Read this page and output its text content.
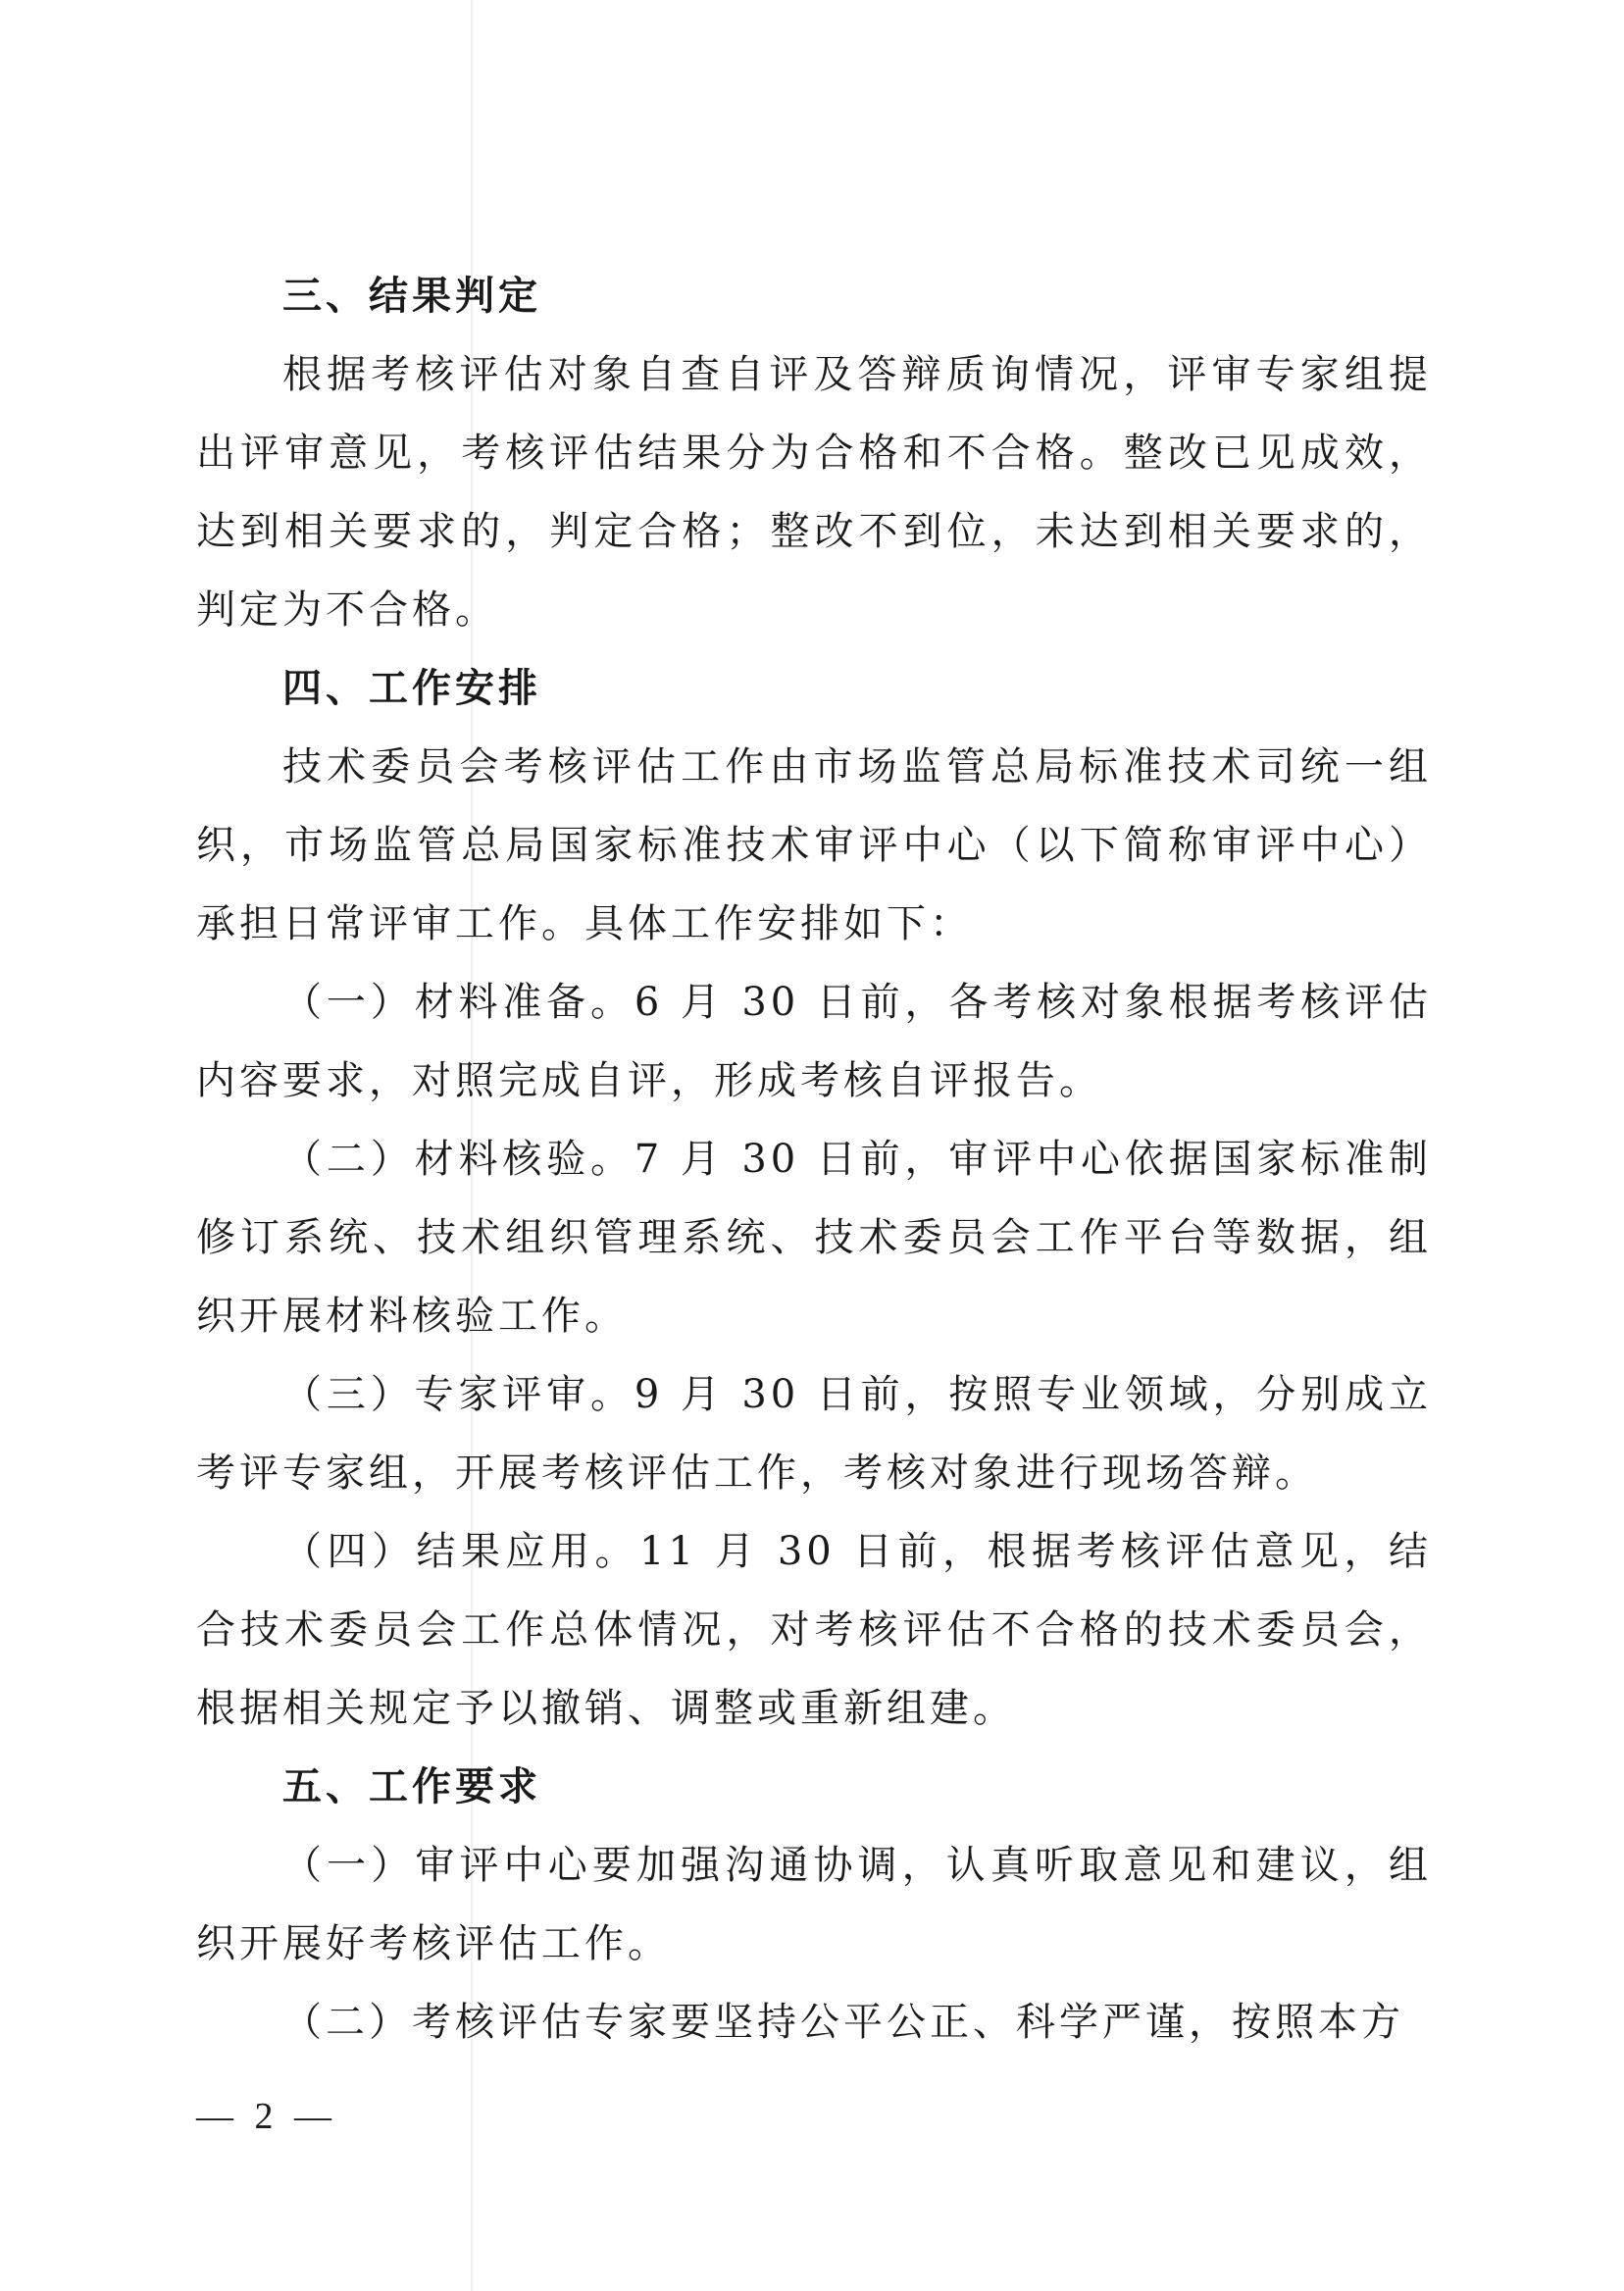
三、结果判定

根据考核评估对象自查自评及答辩质询情况，评审专家组提出评审意见，考核评估结果分为合格和不合格。整改已见成效，达到相关要求的，判定合格；整改不到位，未达到相关要求的，判定为不合格。

四、工作安排

技术委员会考核评估工作由市场监管总局标准技术司统一组织，市场监管总局国家标准技术审评中心（以下简称审评中心）承担日常评审工作。具体工作安排如下：

（一）材料准备。6 月 30 日前，各考核对象根据考核评估内容要求，对照完成自评，形成考核自评报告。

（二）材料核验。7 月 30 日前，审评中心依据国家标准制修订系统、技术组织管理系统、技术委员会工作平台等数据，组织开展材料核验工作。

（三）专家评审。9 月 30 日前，按照专业领域，分别成立考评专家组，开展考核评估工作，考核对象进行现场答辩。

（四）结果应用。11 月 30 日前，根据考核评估意见，结合技术委员会工作总体情况，对考核评估不合格的技术委员会，根据相关规定予以撤销、调整或重新组建。

五、工作要求

（一）审评中心要加强沟通协调，认真听取意见和建议，组织开展好考核评估工作。

（二）考核评估专家要坚持公平公正、科学严谨，按照本方

— 2 —
